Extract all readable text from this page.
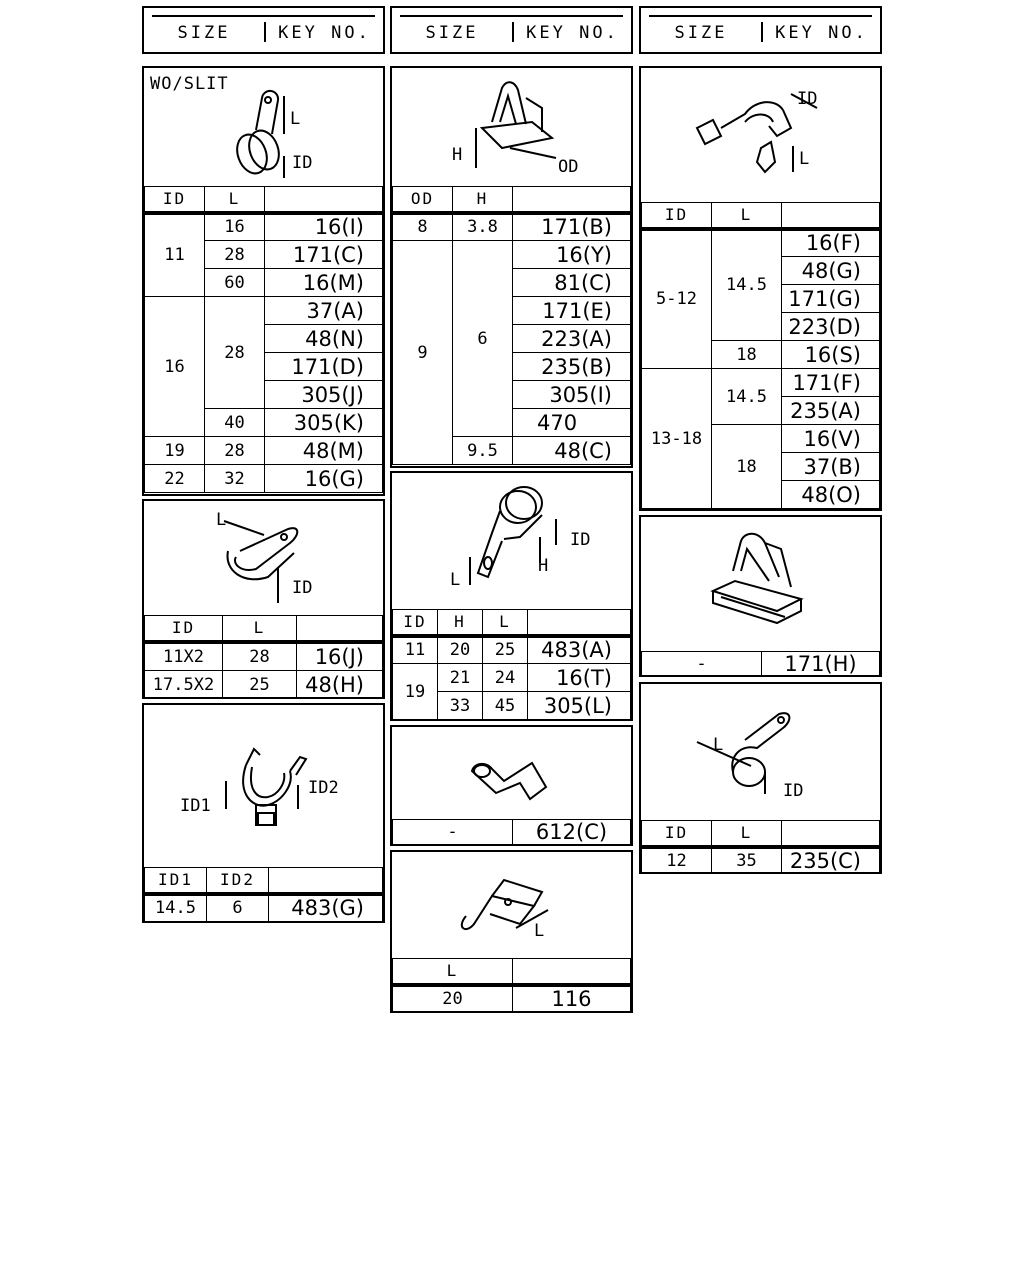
SIZE	KEY NO.	SIZE	KEY NO.	SIZE	KEY NO.
WO/SLIT
L
ID
ID	L	
11	16	16(I)
	28	171(C)
	60	16(M)
16	28	37(A)
		48(N)
		171(D)
		305(J)
	40	305(K)
19	28	48(M)
22	32	16(G)
L
ID
ID	L	
11X2	28	16(J)
17.5X2	25	48(H)
ID1
ID2
ID1	ID2	
14.5	6	483(G)
H
OD
OD	H	
8	3.8	171(B)
9	6	16(Y)
		81(C)
		171(E)
		223(A)
		235(B)
		305(I)
		470
	9.5	48(C)
ID
H
L
ID	H	L	
11	20	25	483(A)
19	21	24	16(T)
	33	45	305(L)
-	612(C)
L
L	
20	116
ID
L
ID	L	
5-12	14.5	16(F)
		48(G)
		171(G)
		223(D)
	18	16(S)
13-18	14.5	171(F)
		235(A)
	18	16(V)
		37(B)
		48(O)
-	171(H)
L
ID
ID	L	
12	35	235(C)
